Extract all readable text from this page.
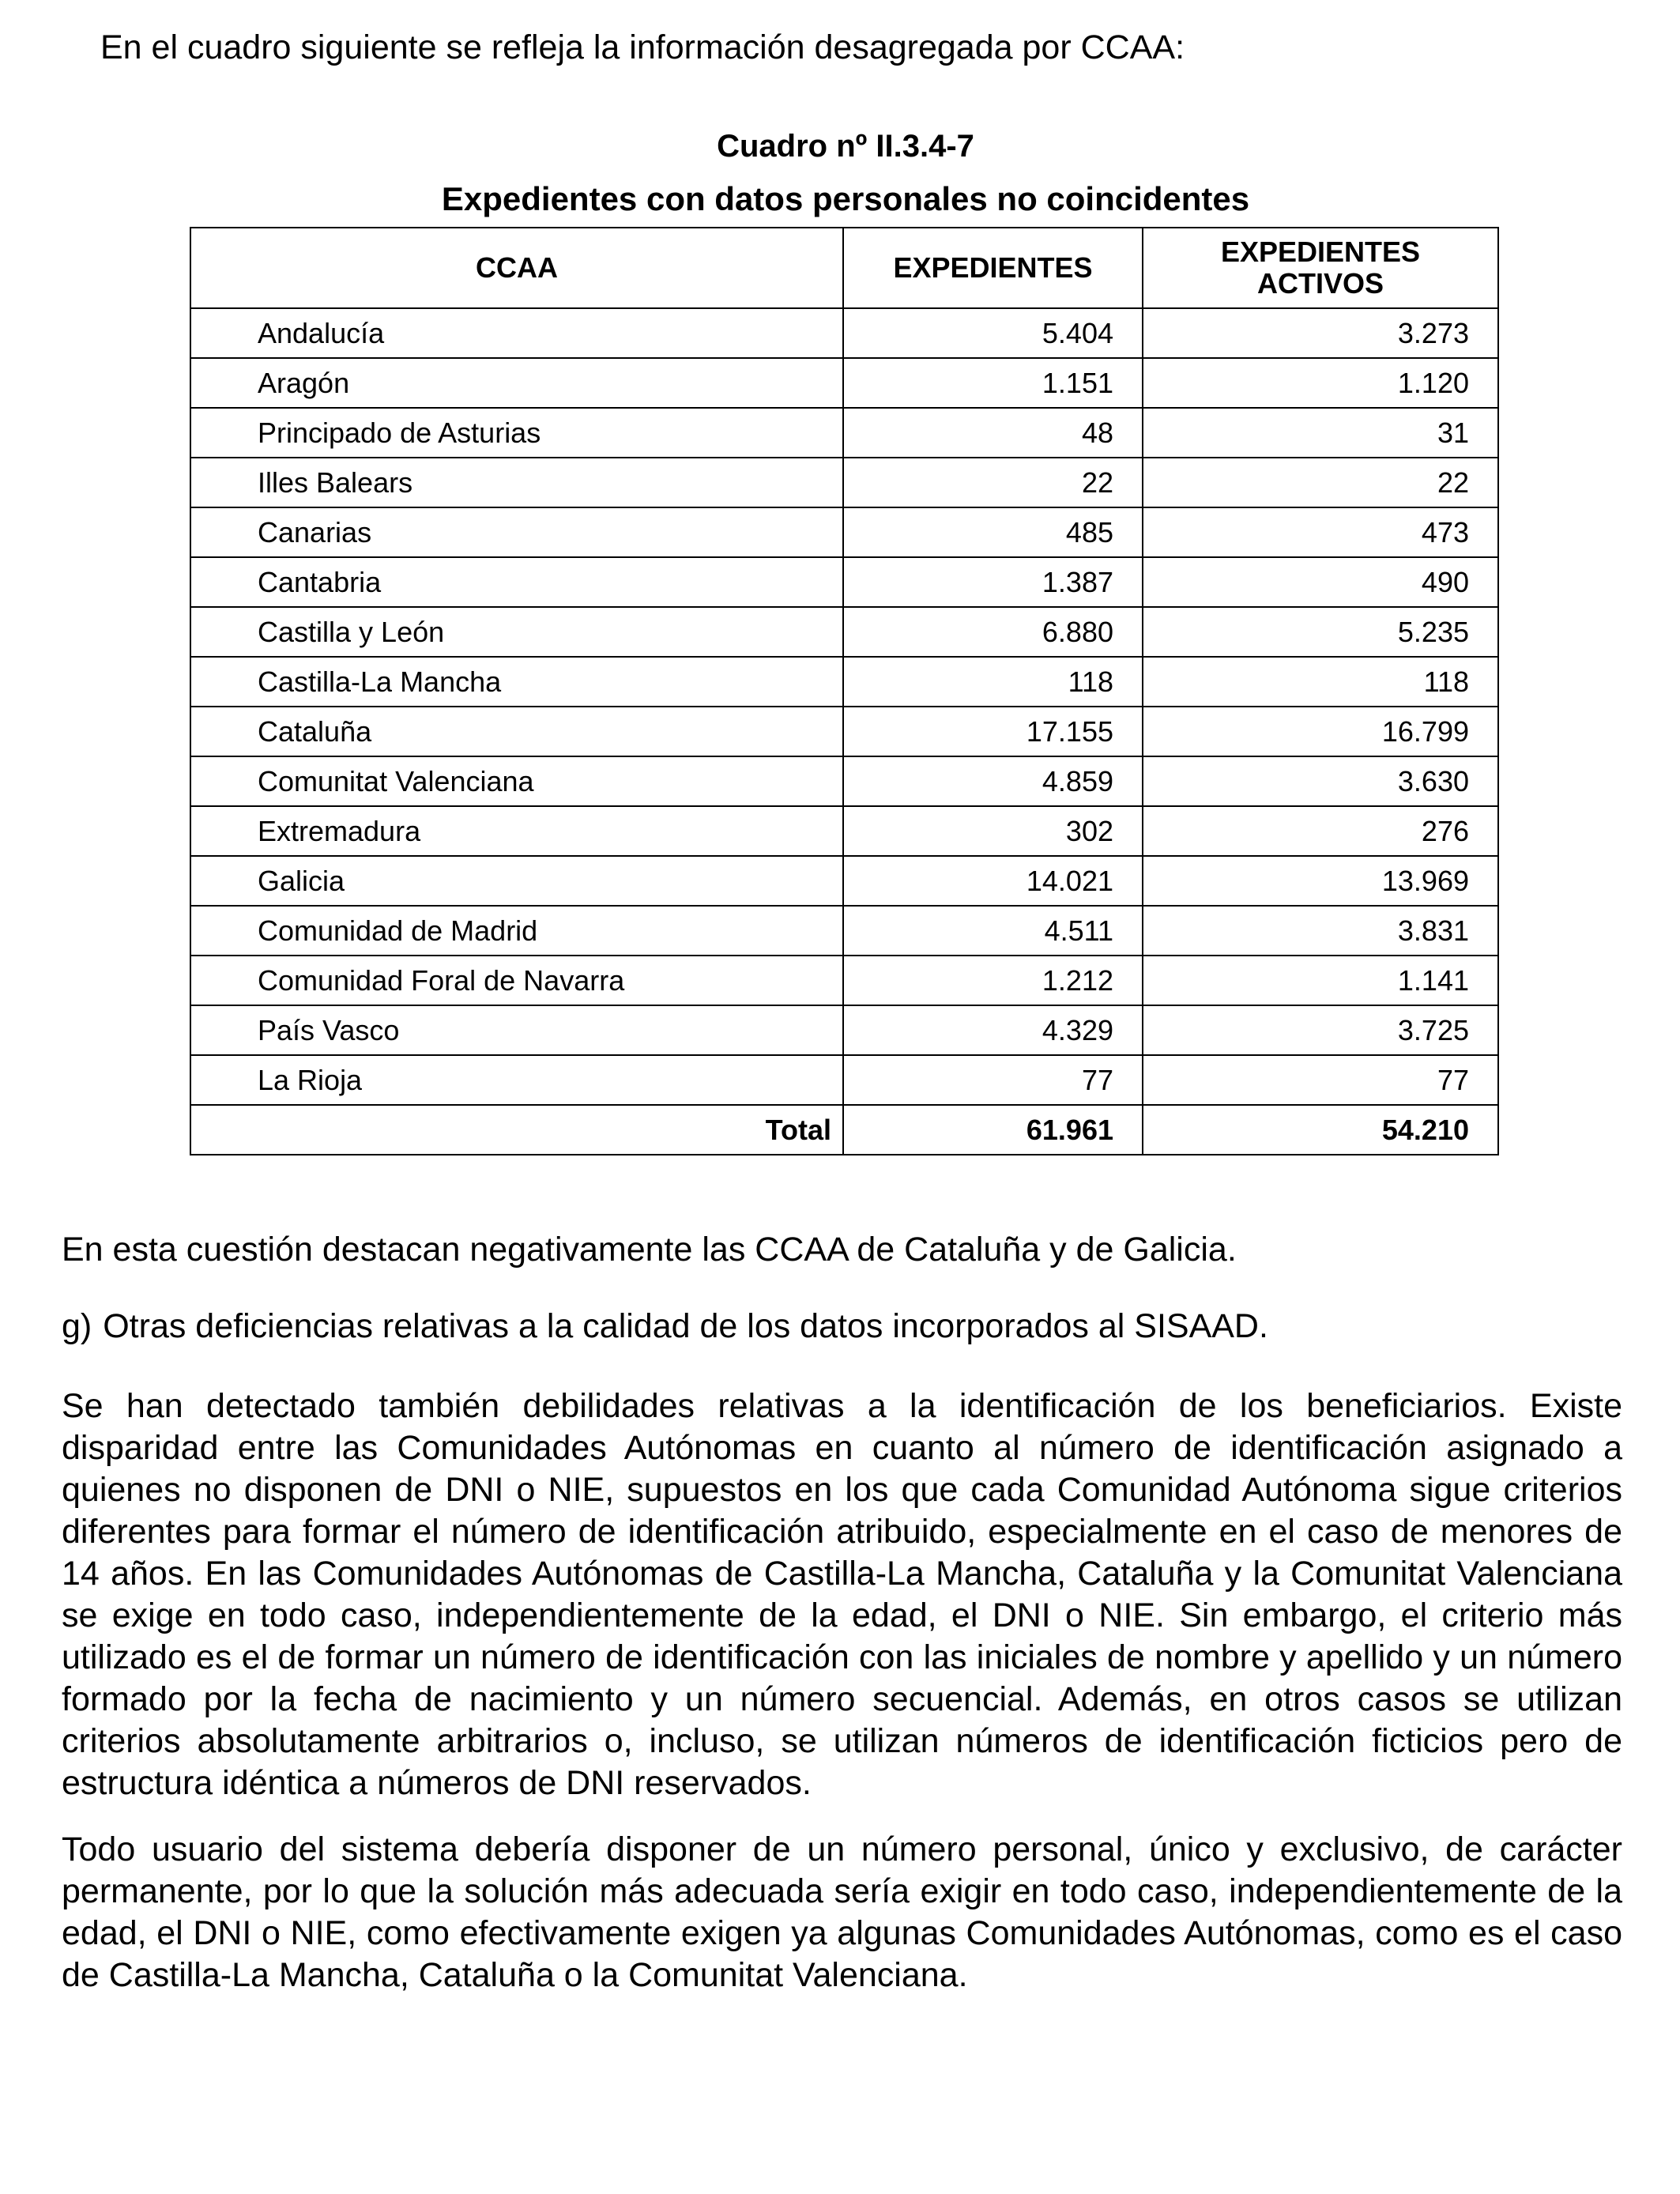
En el cuadro siguiente se refleja la información desagregada por CCAA:
Cuadro nº II.3.4-7
Expedientes con datos personales no coincidentes
CCAA	EXPEDIENTES	EXPEDIENTES
ACTIVOS

Andalucía	5.404	3.273
Aragón	1.151	1.120
Principado de Asturias	48	31
Illes Balears	22	22
Canarias	485	473
Cantabria	1.387	490
Castilla y León	6.880	5.235
Castilla-La Mancha	118	118
Cataluña	17.155	16.799
Comunitat Valenciana	4.859	3.630
Extremadura	302	276
Galicia	14.021	13.969
Comunidad de Madrid	4.511	3.831
Comunidad Foral de Navarra	1.212	1.141
País Vasco	4.329	3.725
La Rioja	77	77
Total	61.961	54.210
En esta cuestión destacan negativamente las CCAA de Cataluña y de Galicia.
g) Otras deficiencias relativas a la calidad de los datos incorporados al SISAAD.
Se han detectado también debilidades relativas a la identificación de los beneficiarios. Existe disparidad entre las Comunidades Autónomas en cuanto al número de identificación asignado a quienes no disponen de DNI o NIE, supuestos en los que cada Comunidad Autónoma sigue criterios diferentes para formar el número de identificación atribuido, especialmente en el caso de menores de 14 años. En las Comunidades Autónomas de Castilla-La Mancha, Cataluña y la Comunitat Valenciana se exige en todo caso, independientemente de la edad, el DNI o NIE. Sin embargo, el criterio más utilizado es el de formar un número de identificación con las iniciales de nombre y apellido y un número formado por la fecha de nacimiento y un número secuencial. Además, en otros casos se utilizan criterios absolutamente arbitrarios o, incluso, se utilizan números de identificación ficticios pero de estructura idéntica a números de DNI reservados.
Todo usuario del sistema debería disponer de un número personal, único y exclusivo, de carácter permanente, por lo que la solución más adecuada sería exigir en todo caso, independientemente de la edad, el DNI o NIE, como efectivamente exigen ya algunas Comunidades Autónomas, como es el caso de Castilla-La Mancha, Cataluña o la Comunitat Valenciana.
